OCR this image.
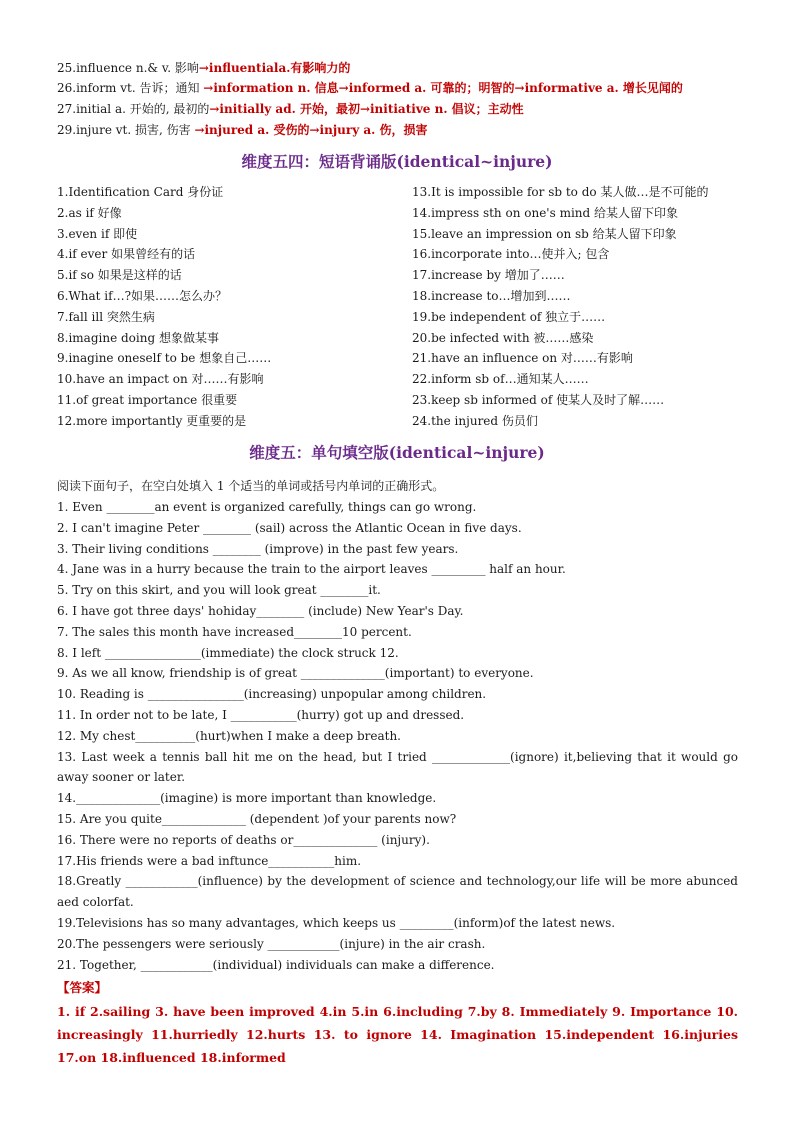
25.influence n.& v. 影响→influentiala.有影响力的
26.inform vt. 告诉；通知 →information n. 信息→informed a. 可靠的；明智的→informative a. 增长见闻的
27.initial a. 开始的, 最初的→initially ad. 开始，最初→initiative n. 倡议；主动性
29.injure vt. 损害, 伤害 →injured a. 受伤的→injury a. 伤，损害
维度五四：短语背诵版(identical~injure)
1.Identification Card 身份证
2.as if 好像
3.even if 即使
4.if ever 如果曾经有的话
5.if so 如果是这样的话
6.What if…?如果……怎么办？
7.fall ill 突然生病
8.imagine doing 想象做某事
9.inagine oneself to be 想象自己……
10.have an impact on 对……有影响
11.of great importance 很重要
12.more importantly 更重要的是
13.It is impossible for sb to do 某人做…是不可能的
14.impress sth on one's mind 给某人留下印象
15.leave an impression on sb 给某人留下印象
16.incorporate into…使并入; 包含
17.increase by 增加了……
18.increase to…增加到……
19.be independent of 独立于……
20.be infected with 被……感染
21.have an influence on 对……有影响
22.inform sb of…通知某人……
23.keep sb informed of 使某人及时了解……
24.the injured 伤员们
维度五：单句填空版(identical~injure)
阅读下面句子，在空白处填入 1 个适当的单词或括号内单词的正确形式。
1. Even ________an event is organized carefully, things can go wrong.
2. I can't imagine Peter ________ (sail) across the Atlantic Ocean in five days.
3. Their living conditions ________ (improve) in the past few years.
4. Jane was in a hurry because the train to the airport leaves _________ half an hour.
5. Try on this skirt, and you will look great ________it.
6. I have got three days' hohiday________ (include) New Year's Day.
7. The sales this month have increased________10 percent.
8. I left ________________(immediate) the clock struck 12.
9. As we all know, friendship is of great ______________(important) to everyone.
10. Reading is ________________(increasing) unpopular among children.
11. In order not to be late, I ___________(hurry) got up and dressed.
12. My chest__________(hurt)when I make a deep breath.
13. Last week a tennis ball hit me on the head, but I tried _____________(ignore) it,believing that it would go away sooner or later.
14.______________(imagine) is more important than knowledge.
15. Are you quite______________ (dependent )of your parents now?
16. There were no reports of deaths or______________ (injury).
17.His friends were a bad inftunce___________him.
18.Greatly ____________(influence) by the development of science and technology,our life will be more abunced aed colorfat.
19.Televisions has so many advantages, which keeps us _________(inform)of the latest news.
20.The pessengers were seriously ____________(injure) in the air crash.
21. Together, ____________(individual) individuals can make a difference.
【答案】
1. if 2.sailing 3. have been improved 4.in 5.in 6.including 7.by 8. Immediately 9. Importance 10. increasingly 11.hurriedly 12.hurts 13. to ignore 14. Imagination 15.independent 16.injuries 17.on 18.influenced 18.informed
